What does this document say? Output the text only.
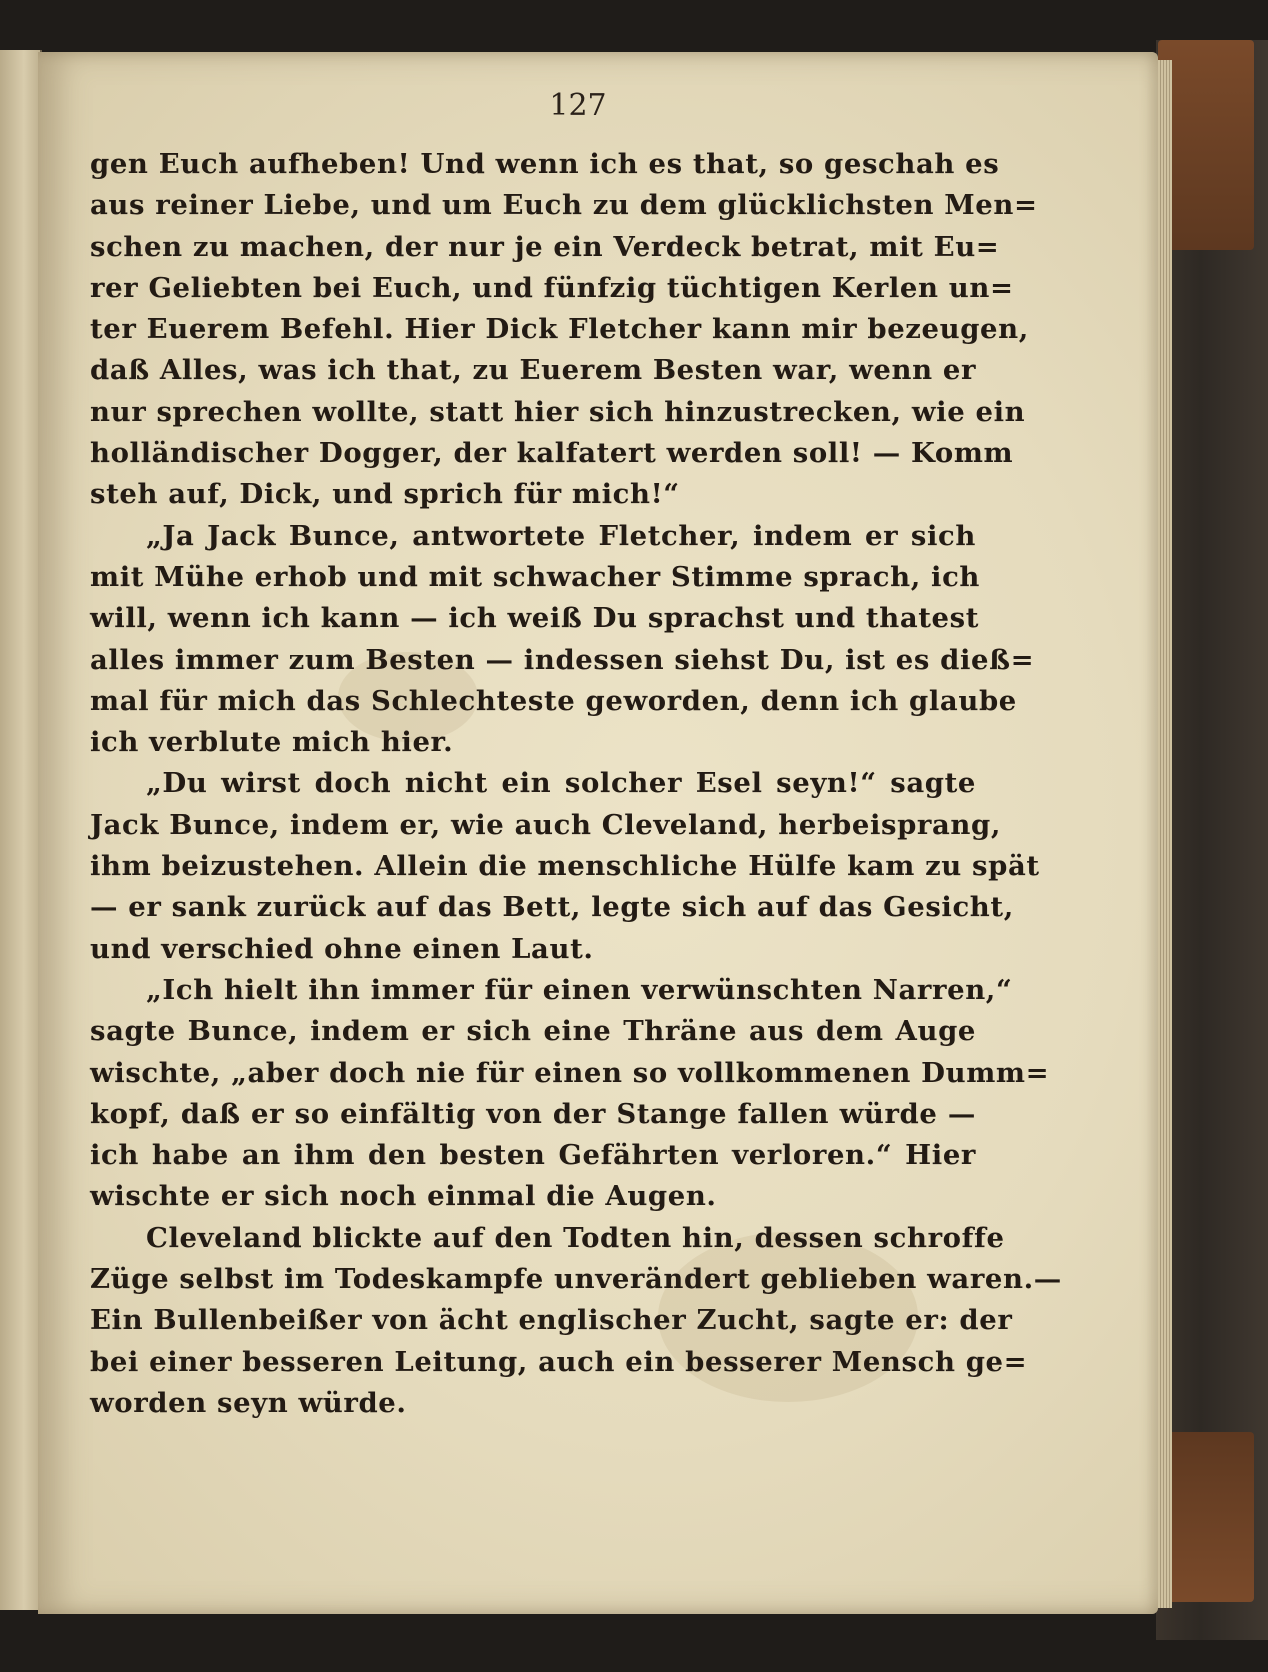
127
gen Euch aufheben! Und wenn ich es that, so geschah es
aus reiner Liebe, und um Euch zu dem glücklichsten Men=
schen zu machen, der nur je ein Verdeck betrat, mit Eu=
rer Geliebten bei Euch, und fünfzig tüchtigen Kerlen un=
ter Euerem Befehl. Hier Dick Fletcher kann mir bezeugen,
daß Alles, was ich that, zu Euerem Besten war, wenn er
nur sprechen wollte, statt hier sich hinzustrecken, wie ein
holländischer Dogger, der kalfatert werden soll! — Komm
steh auf, Dick, und sprich für mich!“
„Ja Jack Bunce, antwortete Fletcher, indem er sich
mit Mühe erhob und mit schwacher Stimme sprach, ich
will, wenn ich kann — ich weiß Du sprachst und thatest
alles immer zum Besten — indessen siehst Du, ist es dieß=
mal für mich das Schlechteste geworden, denn ich glaube
ich verblute mich hier.
„Du wirst doch nicht ein solcher Esel seyn!“ sagte
Jack Bunce, indem er, wie auch Cleveland, herbeisprang,
ihm beizustehen. Allein die menschliche Hülfe kam zu spät
— er sank zurück auf das Bett, legte sich auf das Gesicht,
und verschied ohne einen Laut.
„Ich hielt ihn immer für einen verwünschten Narren,“
sagte Bunce, indem er sich eine Thräne aus dem Auge
wischte, „aber doch nie für einen so vollkommenen Dumm=
kopf, daß er so einfältig von der Stange fallen würde —
ich habe an ihm den besten Gefährten verloren.“ Hier
wischte er sich noch einmal die Augen.
Cleveland blickte auf den Todten hin, dessen schroffe
Züge selbst im Todeskampfe unverändert geblieben waren.—
Ein Bullenbeißer von ächt englischer Zucht, sagte er: der
bei einer besseren Leitung, auch ein besserer Mensch ge=
worden seyn würde.
